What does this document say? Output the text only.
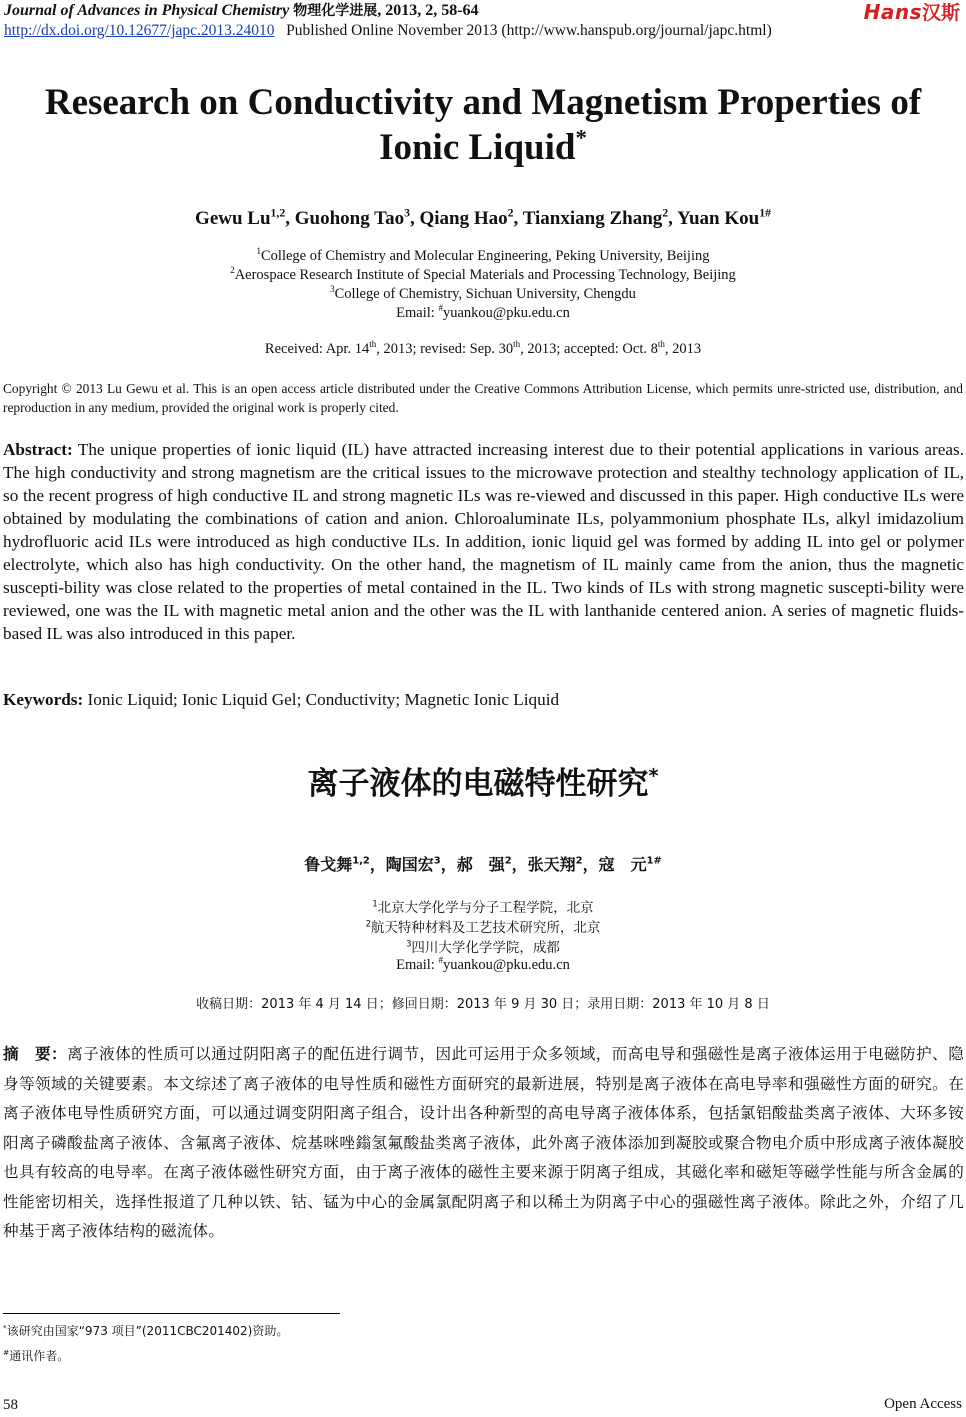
Journal of Advances in Physical Chemistry 物理化学进展, 2013, 2, 58-64
http://dx.doi.org/10.12677/japc.2013.24010 Published Online November 2013 (http://www.hanspub.org/journal/japc.html)
Hans汉斯
Research on Conductivity and Magnetism Properties of
Ionic Liquid*
Gewu Lu$^{1,2}$, Guohong Tao$^3$, Qiang Hao$^2$, Tianxiang Zhang$^2$, Yuan Kou$^{1\#}$
$^1$College of Chemistry and Molecular Engineering, Peking University, Beijing
$^2$Aerospace Research Institute of Special Materials and Processing Technology, Beijing
$^3$College of Chemistry, Sichuan University, Chengdu
Email: #yuankou@pku.edu.cn
Received: Apr. 14th, 2013; revised: Sep. 30th, 2013; accepted: Oct. 8th, 2013
Copyright © 2013 Lu Gewu et al. This is an open access article distributed under the Creative Commons Attribution License, which permits unre-stricted use, distribution, and reproduction in any medium, provided the original work is properly cited.
Abstract: The unique properties of ionic liquid (IL) have attracted increasing interest due to their potential applications in various areas. The high conductivity and strong magnetism are the critical issues to the microwave protection and stealthy technology application of IL, so the recent progress of high conductive IL and strong magnetic ILs was re-viewed and discussed in this paper. High conductive ILs were obtained by modulating the combinations of cation and anion. Chloroaluminate ILs, polyammonium phosphate ILs, alkyl imidazolium hydrofluoric acid ILs were introduced as high conductive ILs. In addition, ionic liquid gel was formed by adding IL into gel or polymer electrolyte, which also has high conductivity. On the other hand, the magnetism of IL mainly came from the anion, thus the magnetic suscepti-bility was close related to the properties of metal contained in the IL. Two kinds of ILs with strong magnetic suscepti-bility were reviewed, one was the IL with magnetic metal anion and the other was the IL with lanthanide centered anion. A series of magnetic fluids-based IL was also introduced in this paper.
Keywords: Ionic Liquid; Ionic Liquid Gel; Conductivity; Magnetic Ionic Liquid
离子液体的电磁特性研究*
鲁戈舞$^{1,2}$，陶国宏$^3$，郝　强$^2$，张天翔$^2$，寇　元$^{1\#}$
$^1$北京大学化学与分子工程学院，北京
$^2$航天特种材料及工艺技术研究所，北京
$^3$四川大学化学学院，成都
Email: #yuankou@pku.edu.cn
收稿日期：2013 年 4 月 14 日；修回日期：2013 年 9 月 30 日；录用日期：2013 年 10 月 8 日
摘　要：离子液体的性质可以通过阴阳离子的配伍进行调节，因此可运用于众多领域，而高电导和强磁性是离子液体运用于电磁防护、隐身等领域的关键要素。本文综述了离子液体的电导性质和磁性方面研究的最新进展，特别是离子液体在高电导率和强磁性方面的研究。在离子液体电导性质研究方面，可以通过调变阴阳离子组合，设计出各种新型的高电导离子液体体系，包括氯铝酸盐类离子液体、大环多铵阳离子磷酸盐离子液体、含氟离子液体、烷基咪唑鎓氢氟酸盐类离子液体，此外离子液体添加到凝胶或聚合物电介质中形成离子液体凝胶也具有较高的电导率。在离子液体磁性研究方面，由于离子液体的磁性主要来源于阴离子组成，其磁化率和磁矩等磁学性能与所含金属的性能密切相关，选择性报道了几种以铁、钴、锰为中心的金属氯配阴离子和以稀土为阴离子中心的强磁性离子液体。除此之外，介绍了几种基于离子液体结构的磁流体。
*该研究由国家“973 项目”(2011CBC201402)资助。
#通讯作者。
58	Open Access
